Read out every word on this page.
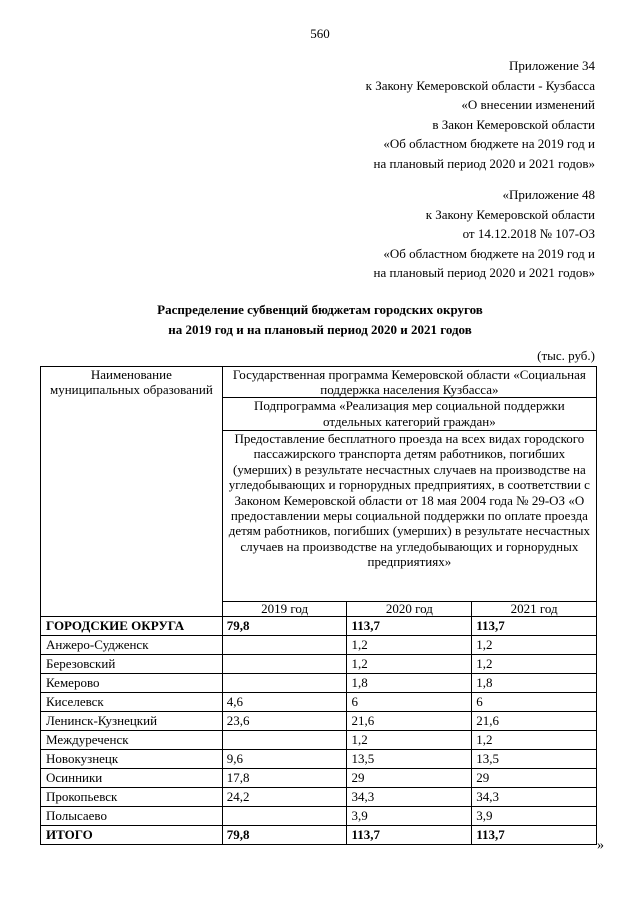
560
Приложение 34
к Закону Кемеровской области - Кузбасса
«О внесении изменений
в Закон Кемеровской области
«Об областном бюджете на 2019 год и
на плановый период 2020 и 2021 годов»
«Приложение 48
к Закону Кемеровской области
от 14.12.2018 № 107-ОЗ
«Об областном бюджете на 2019 год и
на плановый период 2020 и 2021 годов»
Распределение субвенций бюджетам городских округов
на 2019 год и на плановый период 2020 и 2021 годов
(тыс. руб.)
Наименование муниципальных образований	Государственная программа Кемеровской области «Социальная поддержка населения Кузбасса»		
	Подпрограмма «Реализация мер социальной поддержки отдельных категорий граждан»		
	Предоставление бесплатного проезда на всех видах городского пассажирского транспорта детям работников, погибших (умерших) в результате несчастных случаев на производстве на угледобывающих и горнорудных предприятиях, в соответствии с Законом Кемеровской области от 18 мая 2004 года № 29-ОЗ «О предоставлении меры социальной поддержки по оплате проезда детям работников, погибших (умерших) в результате несчастных случаев на производстве на угледобывающих и горнорудных предприятиях»		
	2019 год	2020 год	2021 год
ГОРОДСКИЕ ОКРУГА	79,8	113,7	113,7
Анжеро-Судженск		1,2	1,2
Березовский		1,2	1,2
Кемерово		1,8	1,8
Киселевск	4,6	6	6
Ленинск-Кузнецкий	23,6	21,6	21,6
Междуреченск		1,2	1,2
Новокузнецк	9,6	13,5	13,5
Осинники	17,8	29	29
Прокопьевск	24,2	34,3	34,3
Полысаево		3,9	3,9
ИТОГО	79,8	113,7	113,7
»
